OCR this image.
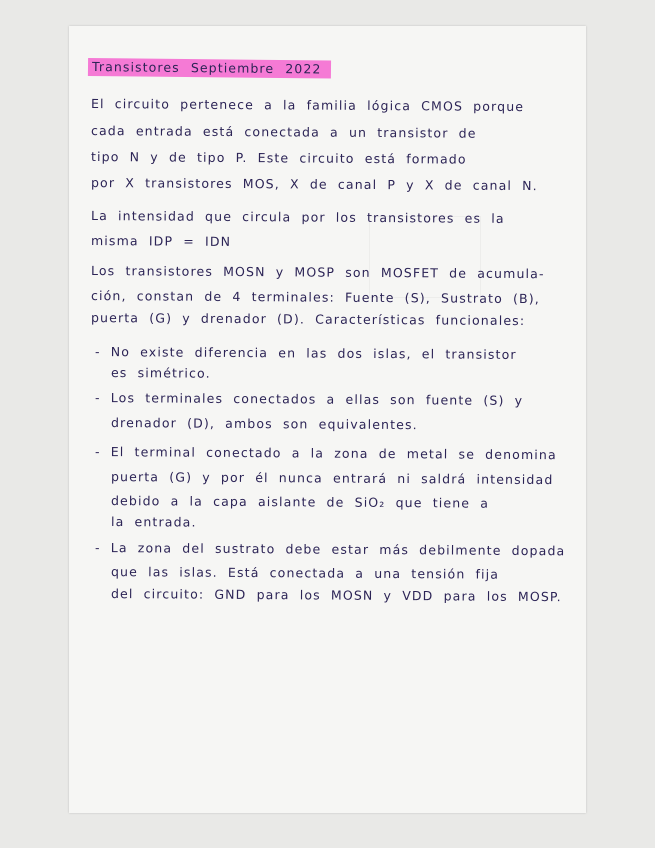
Transistores Septiembre 2022
El circuito pertenece a la familia lógica CMOS porque
cada entrada está conectada a un transistor de
tipo N y de tipo P. Este circuito está formado
por X transistores MOS, X de canal P y X de canal N.
La intensidad que circula por los transistores es la
misma IDP = IDN
Los transistores MOSN y MOSP son MOSFET de acumula-
ción, constan de 4 terminales: Fuente (S), Sustrato (B),
puerta (G) y drenador (D). Características funcionales:
- No existe diferencia en las dos islas, el transistor
es simétrico.
- Los terminales conectados a ellas son fuente (S) y
drenador (D), ambos son equivalentes.
- El terminal conectado a la zona de metal se denomina
puerta (G) y por él nunca entrará ni saldrá intensidad
debido a la capa aislante de SiO₂ que tiene a
la entrada.
- La zona del sustrato debe estar más debilmente dopada
que las islas. Está conectada a una tensión fija
del circuito: GND para los MOSN y VDD para los MOSP.
